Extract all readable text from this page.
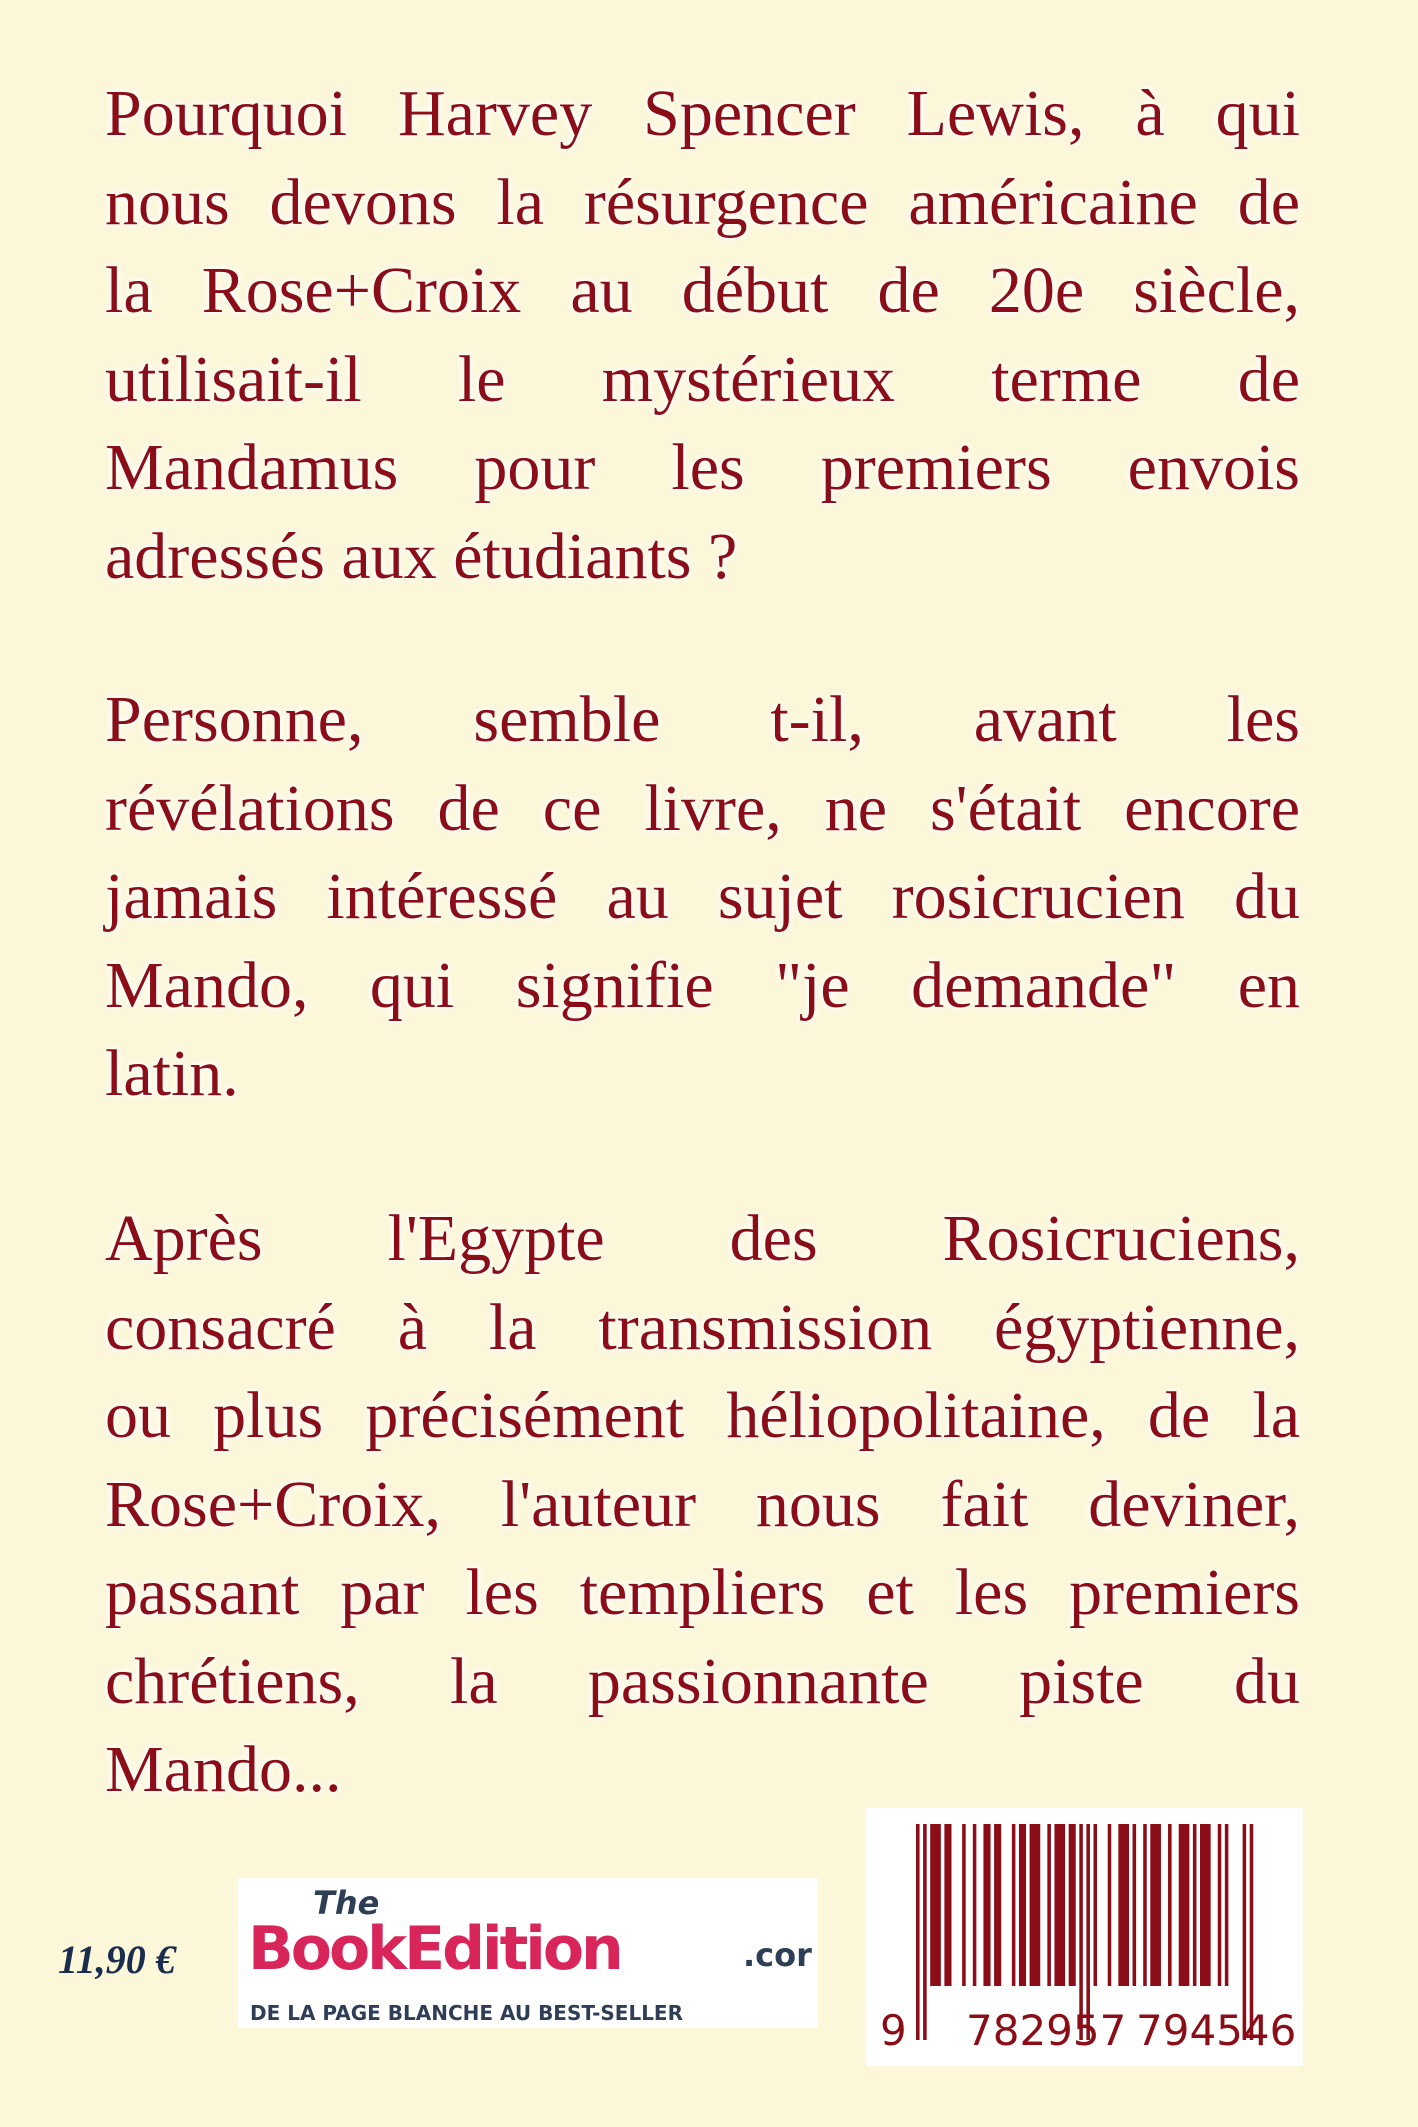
Pourquoi Harvey Spencer Lewis, à qui
nous devons la résurgence américaine de
la Rose+Croix au début de 20e siècle,
utilisait-il le mystérieux terme de
Mandamus pour les premiers envois
adressés aux étudiants ?
Personne, semble t-il, avant les
révélations de ce livre, ne s'était encore
jamais intéressé au sujet rosicrucien du
Mando, qui signifie "je demande" en
latin.
Après l'Egypte des Rosicruciens,
consacré à la transmission égyptienne,
ou plus précisément héliopolitaine, de la
Rose+Croix, l'auteur nous fait deviner,
passant par les templiers et les premiers
chrétiens, la passionnante piste du
Mando...
11,90 €
The
BookEdition	.cor
DE LA PAGE BLANCHE AU BEST-SELLER	9 782957 794546
